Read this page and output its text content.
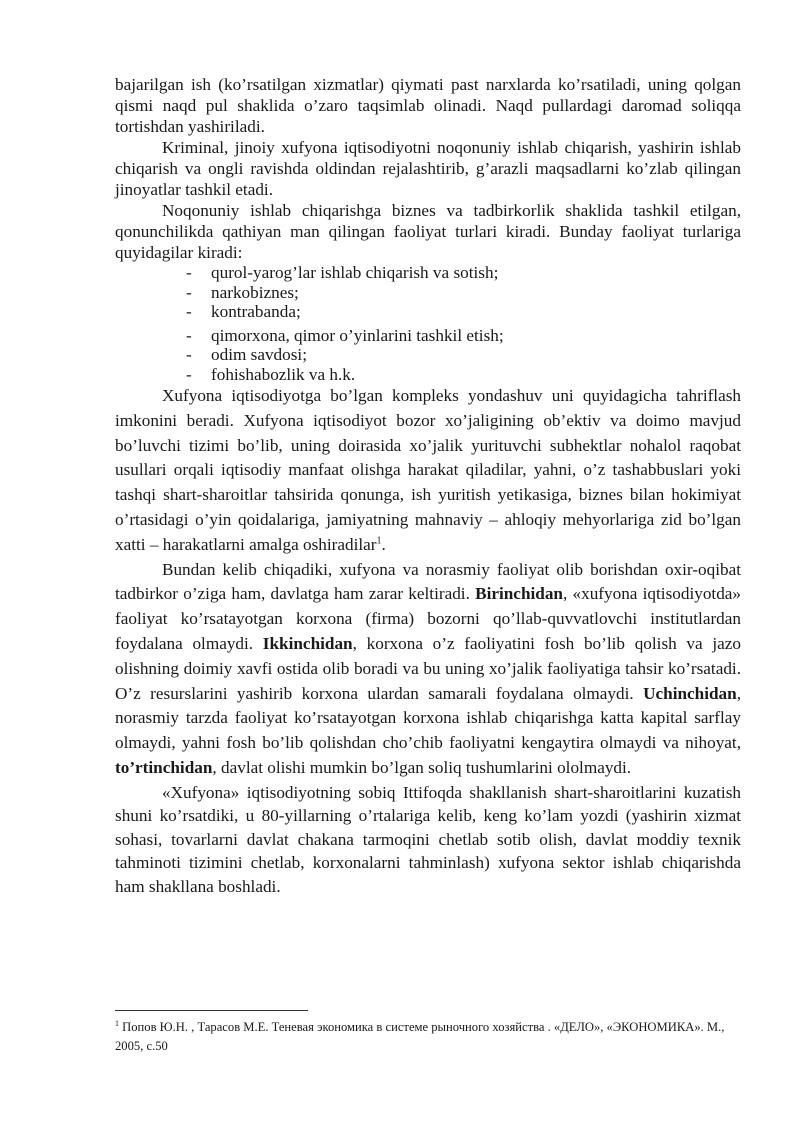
bajarilgan ish (ko’rsatilgan xizmatlar) qiymati past narxlarda ko’rsatiladi, uning qolgan qismi naqd pul shaklida o’zaro taqsimlab olinadi. Naqd pullardagi daromad soliqqa tortishdan yashiriladi.

Kriminal, jinoiy xufyona iqtisodiyotni noqonuniy ishlab chiqarish, yashirin ishlab chiqarish va ongli ravishda oldindan rejalashtirib, g’arazli maqsadlarni ko’zlab qilingan jinoyatlar tashkil etadi.

Noqonuniy ishlab chiqarishga biznes va tadbirkorlik shaklida tashkil etilgan, qonunchilikda qathiyan man qilingan faoliyat turlari kiradi. Bunday faoliyat turlariga quyidagilar kiradi:

- qurol-yarog’lar ishlab chiqarish va sotish;
- narkobiznes;
- kontrabanda;
- qimorxona, qimor o’yinlarini tashkil etish;
- odim savdosi;
- fohishabozlik va h.k.

Xufyona iqtisodiyotga bo’lgan kompleks yondashuv uni quyidagicha tahriflash imkonini beradi. Xufyona iqtisodiyot bozor xo’jaligining ob’ektiv va doimo mavjud bo’luvchi tizimi bo’lib, uning doirasida xo’jalik yurituvchi subhektlar nohalol raqobat usullari orqali iqtisodiy manfaat olishga harakat qiladilar, yahni, o’z tashabbuslari yoki tashqi shart-sharoitlar tahsirida qonunga, ish yuritish yetikasiga, biznes bilan hokimiyat o’rtasidagi o’yin qoidalariga, jamiyatning mahnaviy – ahloqiy mehyorlariga zid bo’lgan xatti – harakatlarni amalga oshiradilar$^1$.

Bundan kelib chiqadiki, xufyona va norasmiy faoliyat olib borishdan oxir-oqibat tadbirkor o’ziga ham, davlatga ham zarar keltiradi. Birinchidan, «xufyona iqtisodiyotda» faoliyat ko’rsatayotgan korxona (firma) bozorni qo’llab-quvvatlovchi institutlardan foydalana olmaydi. Ikkinchidan, korxona o’z faoliyatini fosh bo’lib qolish va jazo olishning doimiy xavfi ostida olib boradi va bu uning xo’jalik faoliyatiga tahsir ko’rsatadi. O’z resurslarini yashirib korxona ulardan samarali foydalana olmaydi. Uchinchidan, norasmiy tarzda faoliyat ko’rsatayotgan korxona ishlab chiqarishga katta kapital sarflay olmaydi, yahni fosh bo’lib qolishdan cho’chib faoliyatni kengaytira olmaydi va nihoyat, to’rtinchidan, davlat olishi mumkin bo’lgan soliq tushumlarini ololmaydi.

«Xufyona» iqtisodiyotning sobiq Ittifoqda shakllanish shart-sharoitlarini kuzatish shuni ko’rsatdiki, u 80-yillarning o’rtalariga kelib, keng ko’lam yozdi (yashirin xizmat sohasi, tovarlarni davlat chakana tarmoqini chetlab sotib olish, davlat moddiy texnik tahminoti tizimini chetlab, korxonalarni tahminlash) xufyona sektor ishlab chiqarishda ham shakllana boshladi.

$^1$ Попов Ю.Н. , Тарасов М.Е. Теневая экономика в системе рыночного хозяйства . «ДЕЛО», «ЭКОНОМИКА». М., 2005, с.50
